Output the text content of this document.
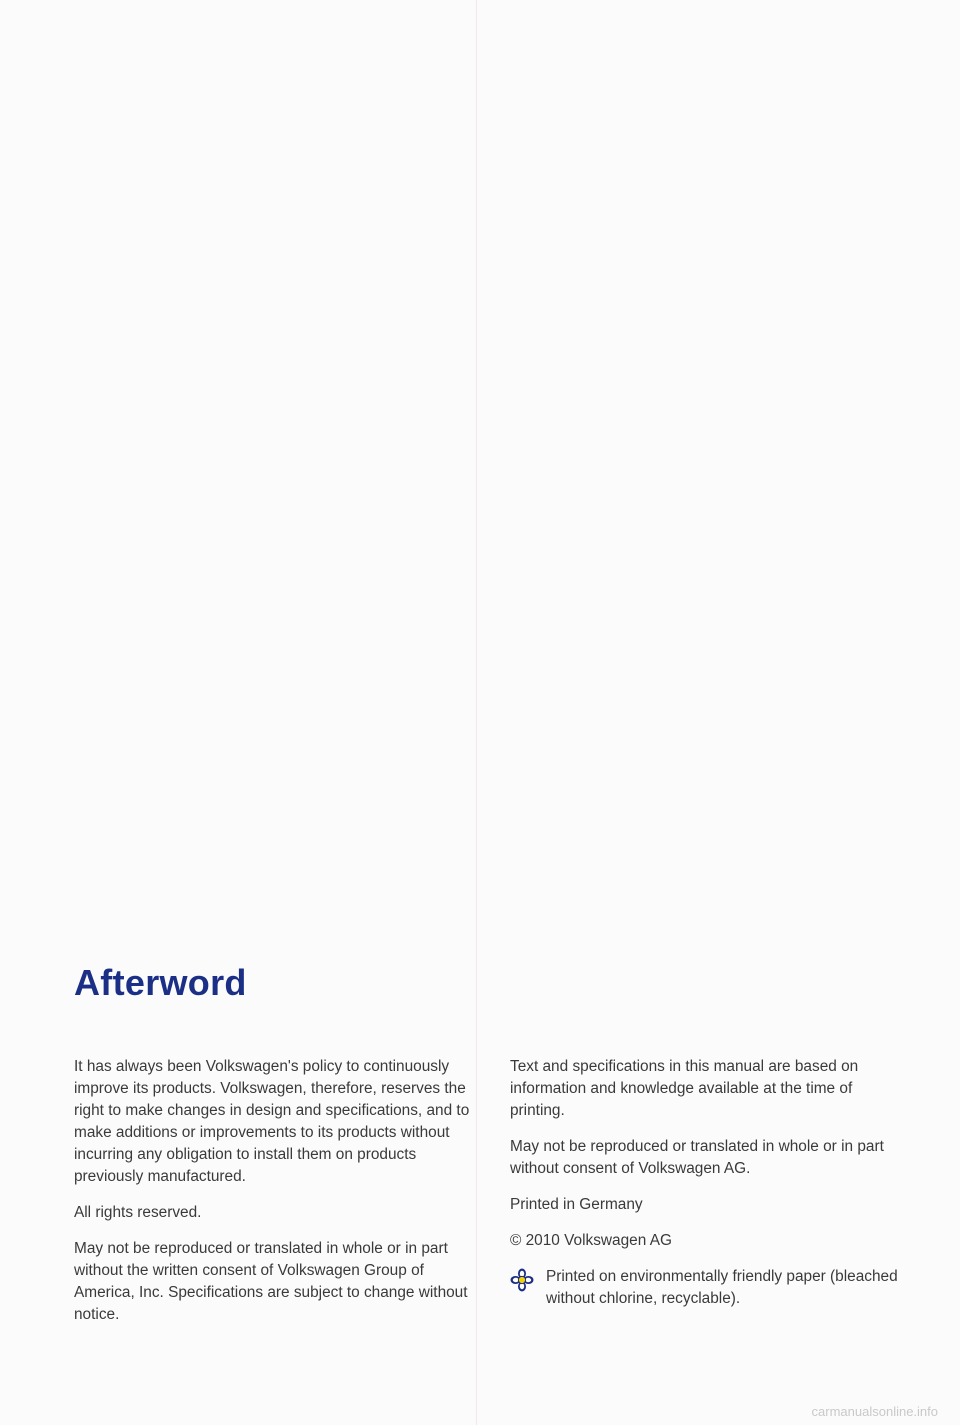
Afterword

It has always been Volkswagen's policy to continuously improve its products. Volkswagen, therefore, reserves the right to make changes in design and specifications, and to make additions or improvements to its products without incurring any obligation to install them on products previously manufactured.

All rights reserved.

May not be reproduced or translated in whole or in part without the written consent of Volkswagen Group of America, Inc. Specifications are subject to change without notice.

Text and specifications in this manual are based on information and knowledge available at the time of printing.

May not be reproduced or translated in whole or in part without consent of Volkswagen AG.

Printed in Germany

© 2010 Volkswagen AG

Printed on environmentally friendly paper (bleached without chlorine, recyclable).
carmanualsonline.info
